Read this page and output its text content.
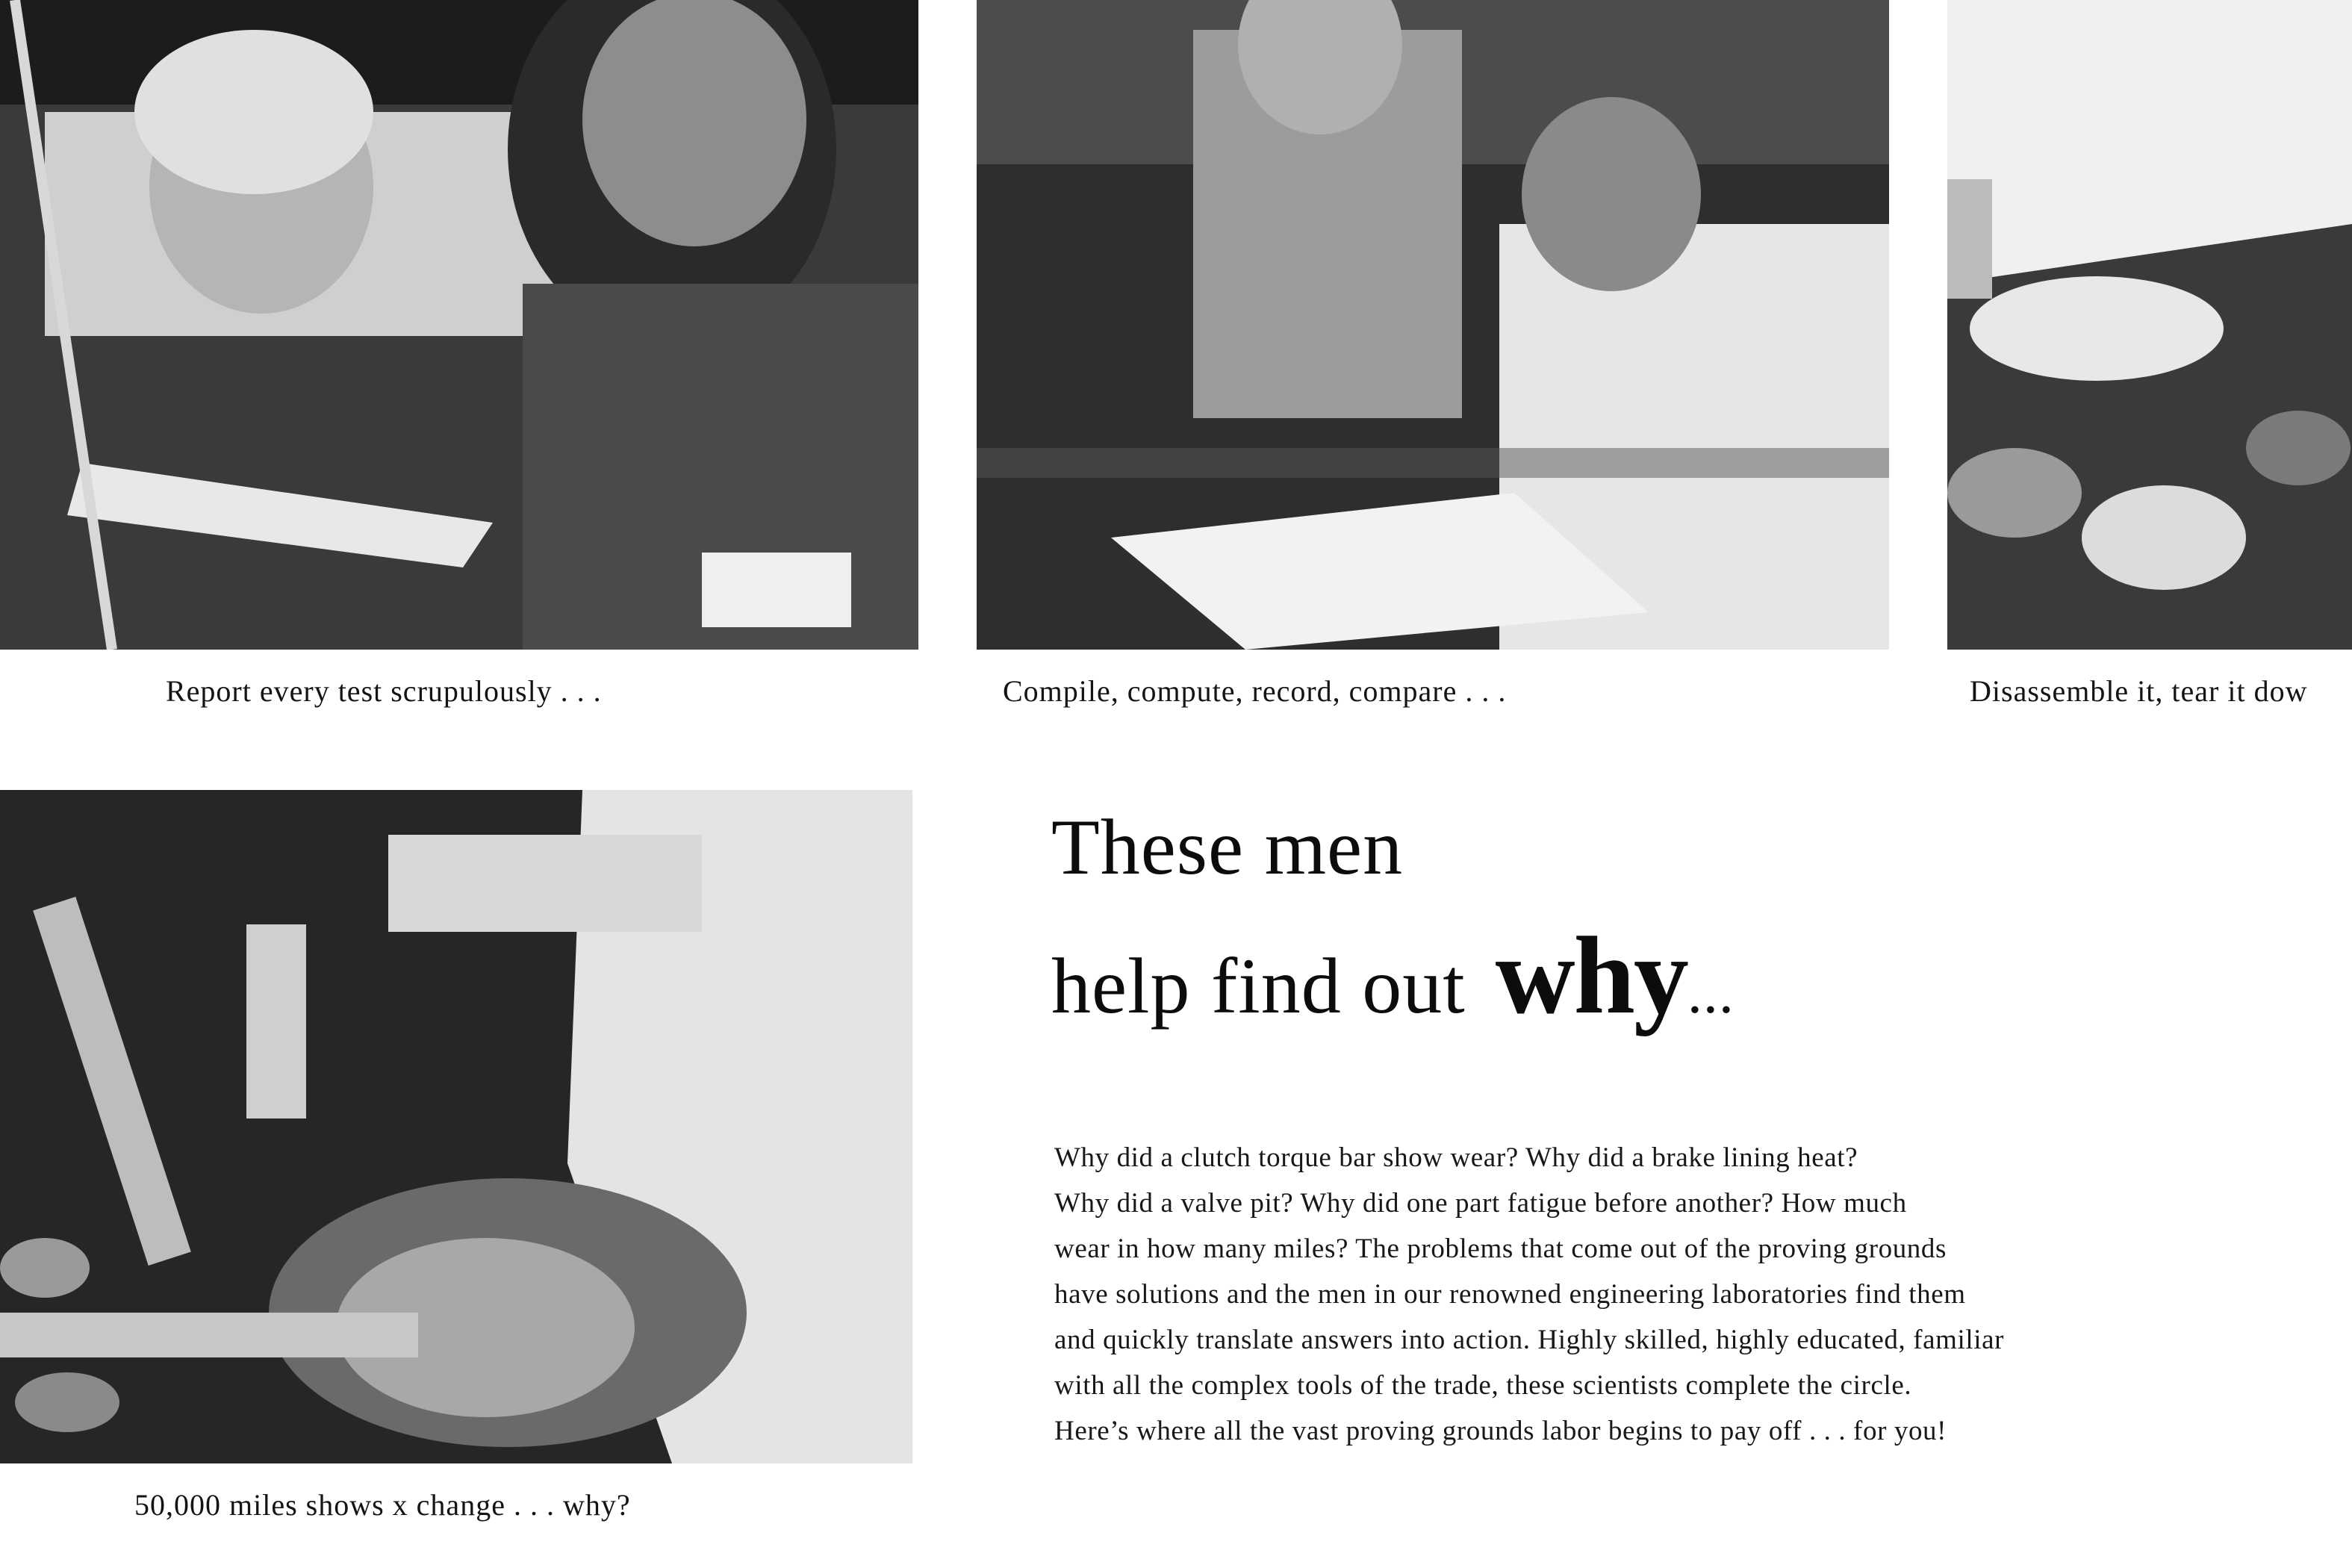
Report every test scrupulously . . .	Compile, compute, record, compare . . .	Disassemble it, tear it dow
50,000 miles shows x change . . . why?
These men
help find out why...
Why did a clutch torque bar show wear? Why did a brake lining heat?
Why did a valve pit? Why did one part fatigue before another? How much
wear in how many miles? The problems that come out of the proving grounds
have solutions and the men in our renowned engineering laboratories find them
and quickly translate answers into action. Highly skilled, highly educated, familiar
with all the complex tools of the trade, these scientists complete the circle.
Here’s where all the vast proving grounds labor begins to pay off . . . for you!
